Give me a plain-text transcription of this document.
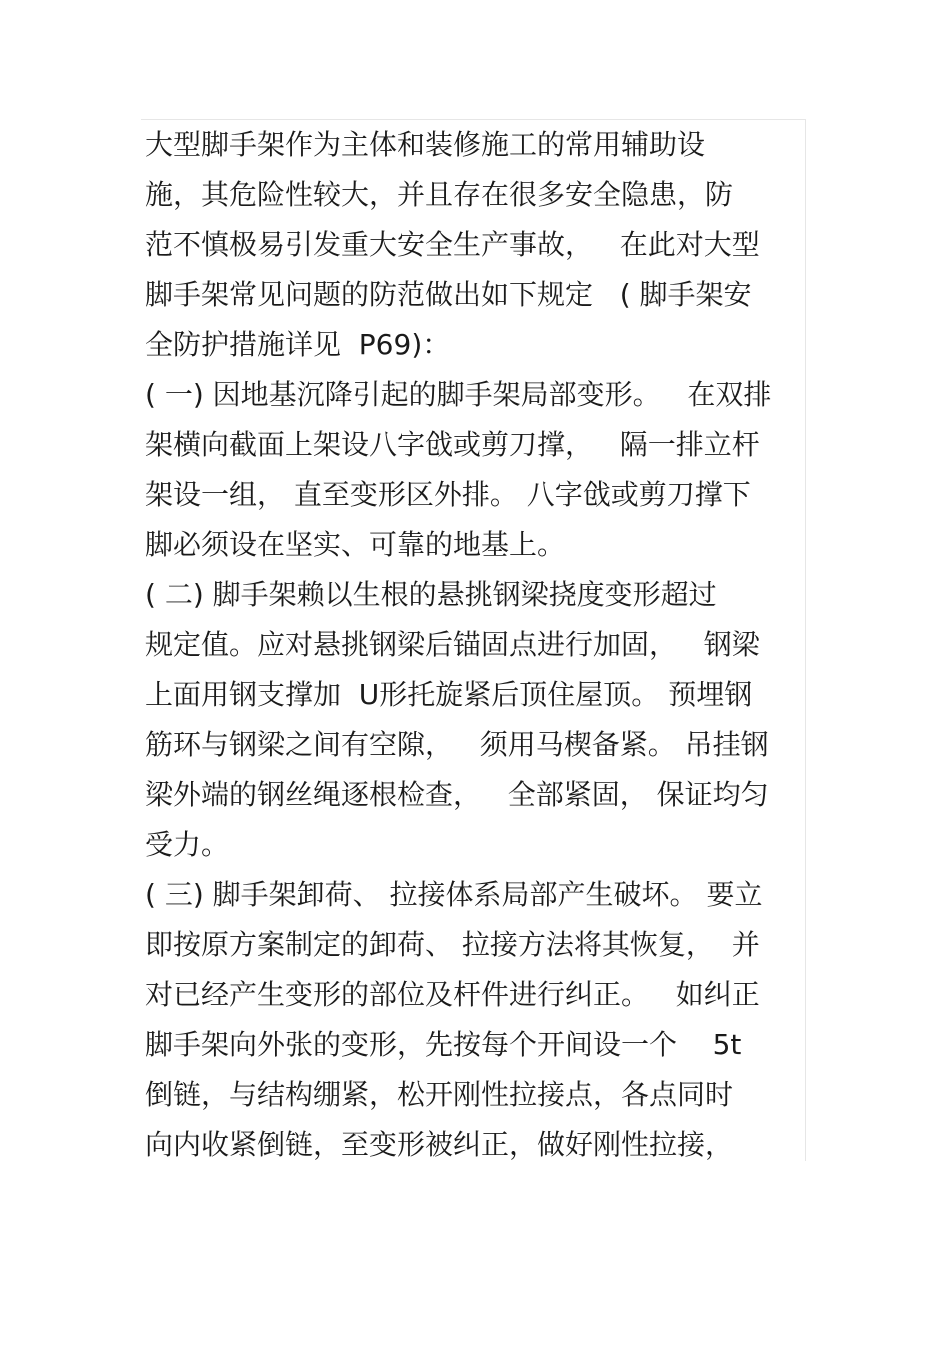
大型脚手架作为主体和装修施工的常用辅助设
施，其危险性较大，并且存在很多安全隐患，防
范不慎极易引发重大安全生产事故，   在此对大型
脚手架常见问题的防范做出如下规定   ( 脚手架安
全防护措施详见  P69)：
( 一) 因地基沉降引起的脚手架局部变形。   在双排
架横向截面上架设八字戗或剪刀撑，   隔一排立杆
架设一组， 直至变形区外排。 八字戗或剪刀撑下
脚必须设在坚实、可靠的地基上。
( 二) 脚手架赖以生根的悬挑钢梁挠度变形超过
规定值。应对悬挑钢梁后锚固点进行加固，   钢梁
上面用钢支撑加  U形托旋紧后顶住屋顶。 预埋钢
筋环与钢梁之间有空隙，   须用马楔备紧。 吊挂钢
梁外端的钢丝绳逐根检查，   全部紧固， 保证均匀
受力。
( 三) 脚手架卸荷、 拉接体系局部产生破坏。 要立
即按原方案制定的卸荷、 拉接方法将其恢复，  并
对已经产生变形的部位及杆件进行纠正。   如纠正
脚手架向外张的变形，先按每个开间设一个    5t
倒链，与结构绷紧，松开刚性拉接点，各点同时
向内收紧倒链，至变形被纠正，做好刚性拉接，
